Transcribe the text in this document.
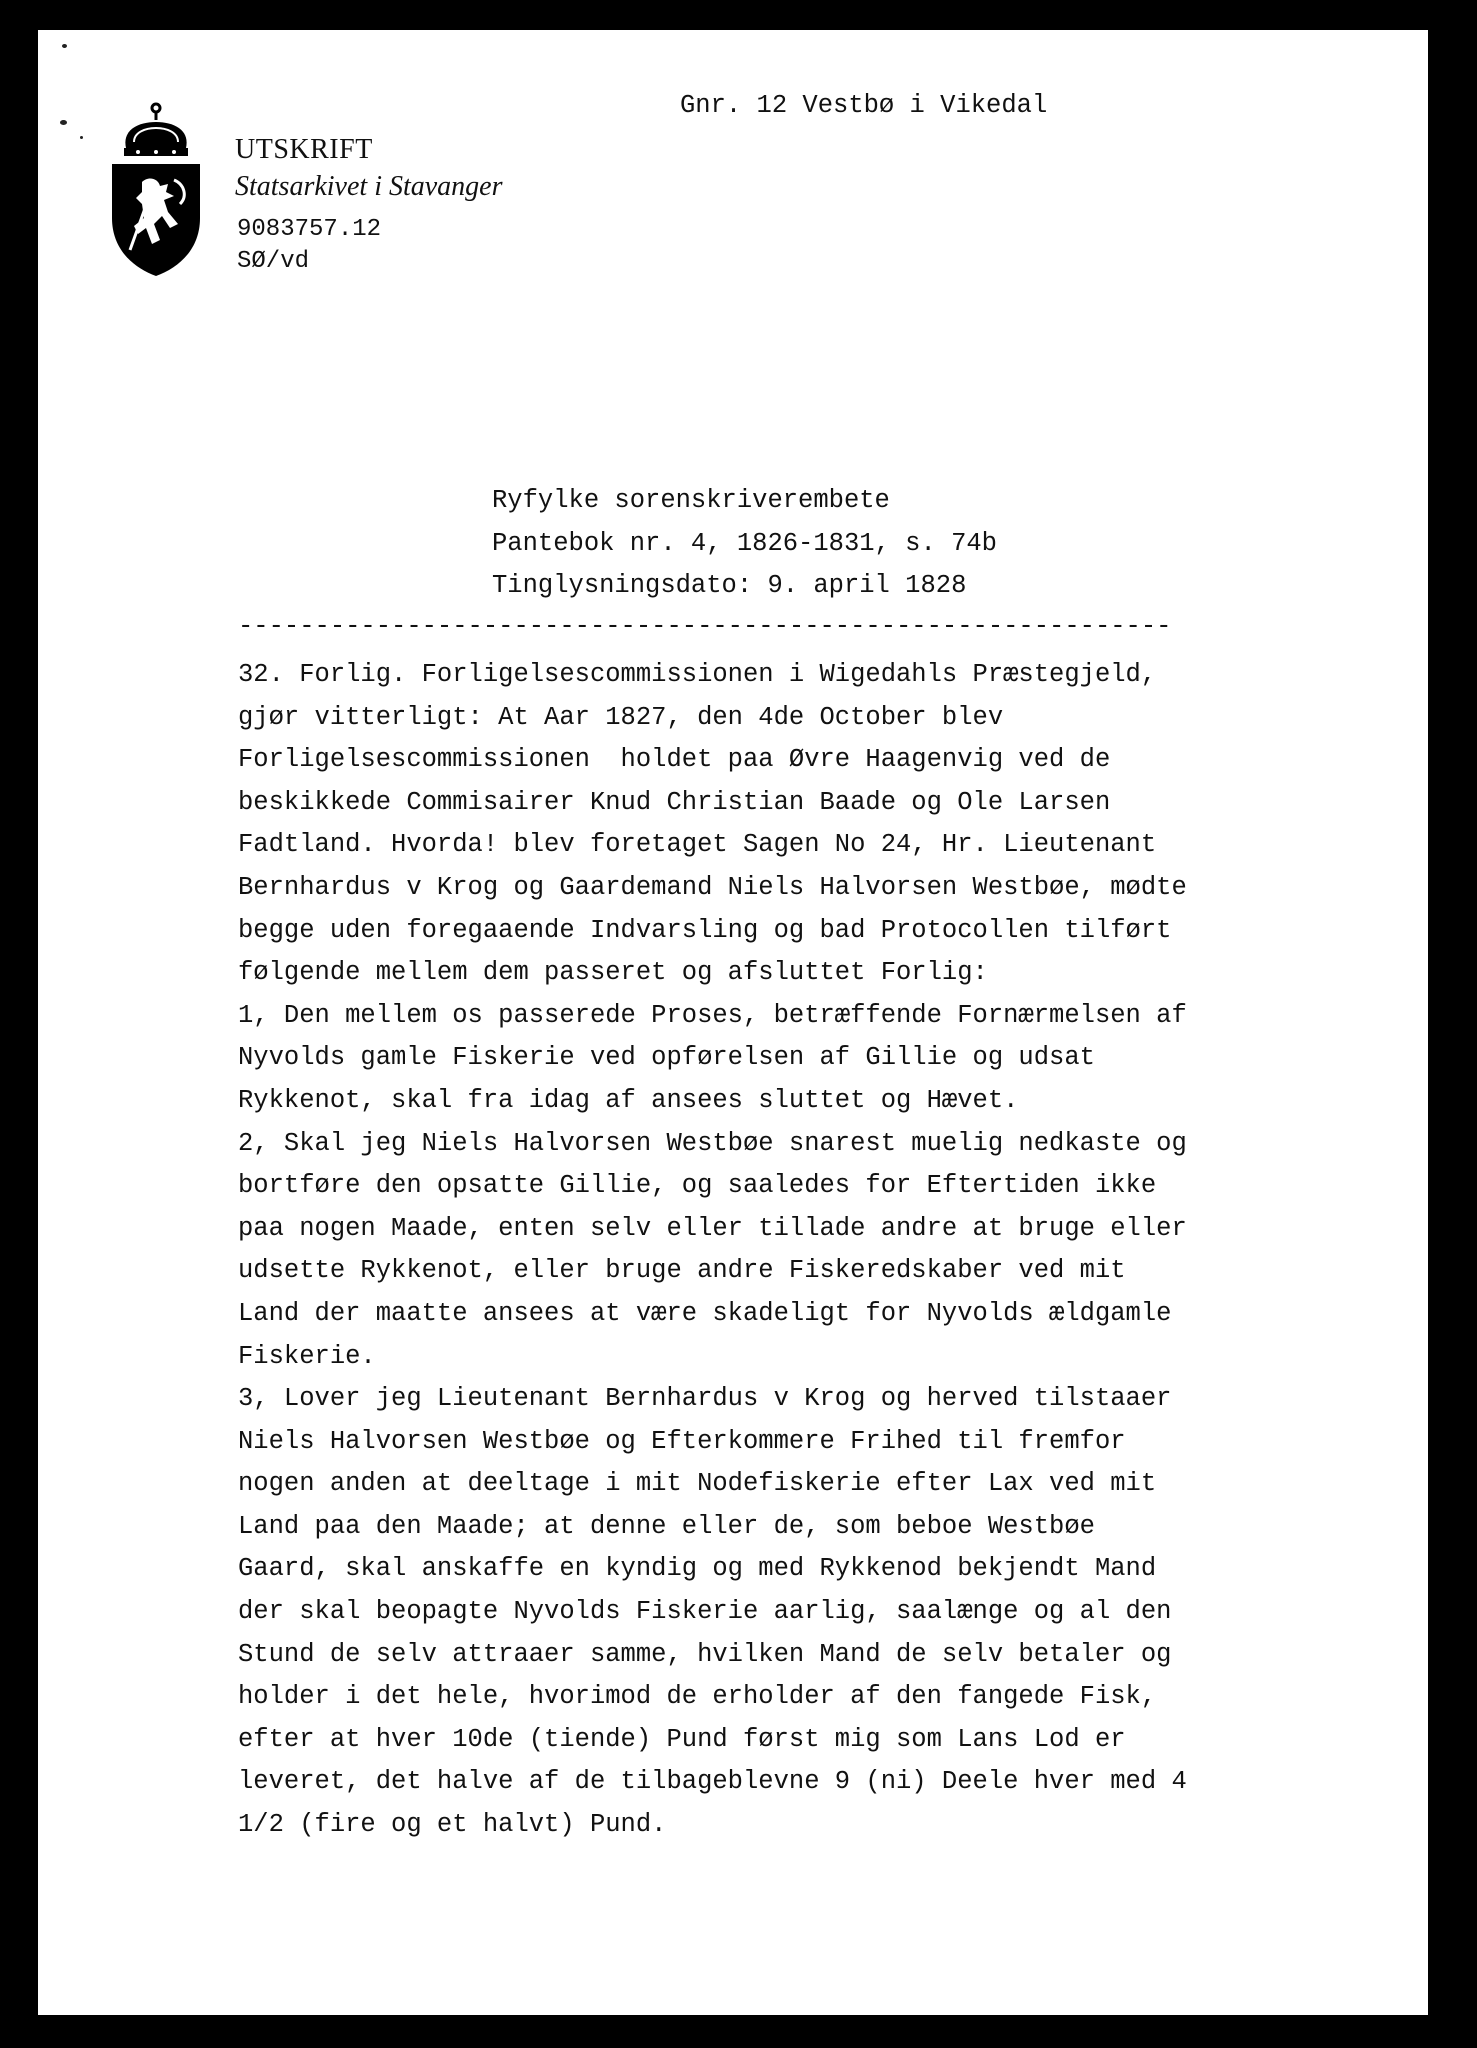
Gnr. 12 Vestbø i Vikedal
UTSKRIFT
Statsarkivet i Stavanger
9083757.12
SØ/vd
Ryfylke sorenskriverembete
Pantebok nr. 4, 1826-1831, s. 74b
Tinglysningsdato: 9. april 1828
-------------------------------------------------------------
32. Forlig. Forligelsescommissionen i Wigedahls Præstegjeld,
gjør vitterligt: At Aar 1827, den 4de October blev
Forligelsescommissionen  holdet paa Øvre Haagenvig ved de
beskikkede Commisairer Knud Christian Baade og Ole Larsen
Fadtland. Hvorda! blev foretaget Sagen No 24, Hr. Lieutenant
Bernhardus v Krog og Gaardemand Niels Halvorsen Westbøe, mødte
begge uden foregaaende Indvarsling og bad Protocollen tilført
følgende mellem dem passeret og afsluttet Forlig:
1, Den mellem os passerede Proses, betræffende Fornærmelsen af
Nyvolds gamle Fiskerie ved opførelsen af Gillie og udsat
Rykkenot, skal fra idag af ansees sluttet og Hævet.
2, Skal jeg Niels Halvorsen Westbøe snarest muelig nedkaste og
bortføre den opsatte Gillie, og saaledes for Eftertiden ikke
paa nogen Maade, enten selv eller tillade andre at bruge eller
udsette Rykkenot, eller bruge andre Fiskeredskaber ved mit
Land der maatte ansees at være skadeligt for Nyvolds ældgamle
Fiskerie.
3, Lover jeg Lieutenant Bernhardus v Krog og herved tilstaaer
Niels Halvorsen Westbøe og Efterkommere Frihed til fremfor
nogen anden at deeltage i mit Nodefiskerie efter Lax ved mit
Land paa den Maade; at denne eller de, som beboe Westbøe
Gaard, skal anskaffe en kyndig og med Rykkenod bekjendt Mand
der skal beopagte Nyvolds Fiskerie aarlig, saalænge og al den
Stund de selv attraaer samme, hvilken Mand de selv betaler og
holder i det hele, hvorimod de erholder af den fangede Fisk,
efter at hver 10de (tiende) Pund først mig som Lans Lod er
leveret, det halve af de tilbageblevne 9 (ni) Deele hver med 4
1/2 (fire og et halvt) Pund.
